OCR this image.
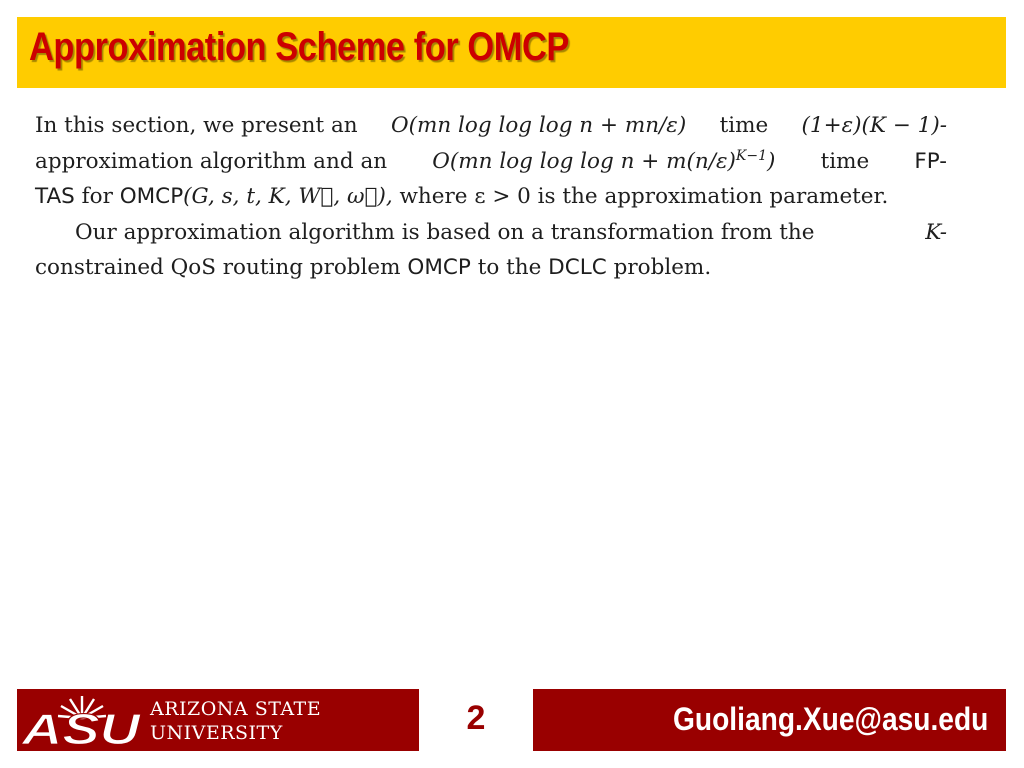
Approximation Scheme for OMCP
In this section, we present an O(mn log log log n + mn/ε) time (1+ε)(K − 1)-
approximation algorithm and an O(mn $\log \log \log n + m(n/\varepsilon)^{K-1}$) time FP-
TAS for OMCP(G, s, t, K, W⃗, ω⃗), where ε > 0 is the approximation parameter.
Our approximation algorithm is based on a transformation from the	K-
constrained QoS routing problem OMCP to the DCLC problem.
ASU ARIZONA STATE
UNIVERSITY	2	Guoliang.Xue@asu.edu
